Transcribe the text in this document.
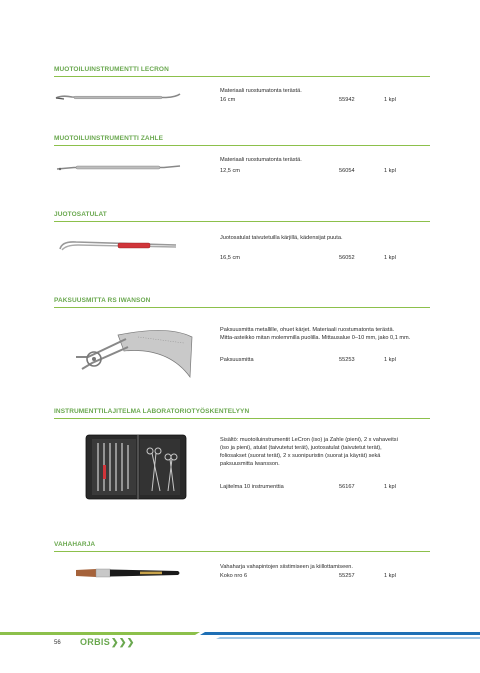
MUOTOILUINSTRUMENTTI LECRON
Materiaali ruostumatonta terästä.
16 cm	55942	1 kpl
MUOTOILUINSTRUMENTTI ZAHLE
Materiaali ruostumatonta terästä.
12,5 cm	56054	1 kpl
JUOTOSATULAT
Juotosatulat taivutetuilla kärjillä, kädensijat puuta.
16,5 cm	56052	1 kpl
PAKSUUSMITTA RS IWANSON
Paksuusmitta metallille, ohuet kärjet. Materiaali ruostumatonta terästä.
Mitta-asteikko mitan molemmilla puolilla. Mittausalue 0–10 mm, jako 0,1 mm.
Paksuusmitta	55253	1 kpl
INSTRUMENTTILAJITELMA LABORATORIOTYÖSKENTELYYN
Sisältö: muotoiluinstrumentit LeCron (iso) ja Zahle (pieni), 2 x vahaveitsi
(iso ja pieni), atulat (taivutetut terät), juotosatulat (taivutetut terät),
foliosakset (suorat terät), 2 x suonipuristin (suorat ja käyrät) sekä
paksuusmitta Iwansson.
Lajitelma 10 instrumenttia	56167	1 kpl
VAHAHARJA
Vahaharja vahapintojen siistimiseen ja kiillottamiseen.
Koko nro 6	55257	1 kpl
56 ORBIS❯❯❯
